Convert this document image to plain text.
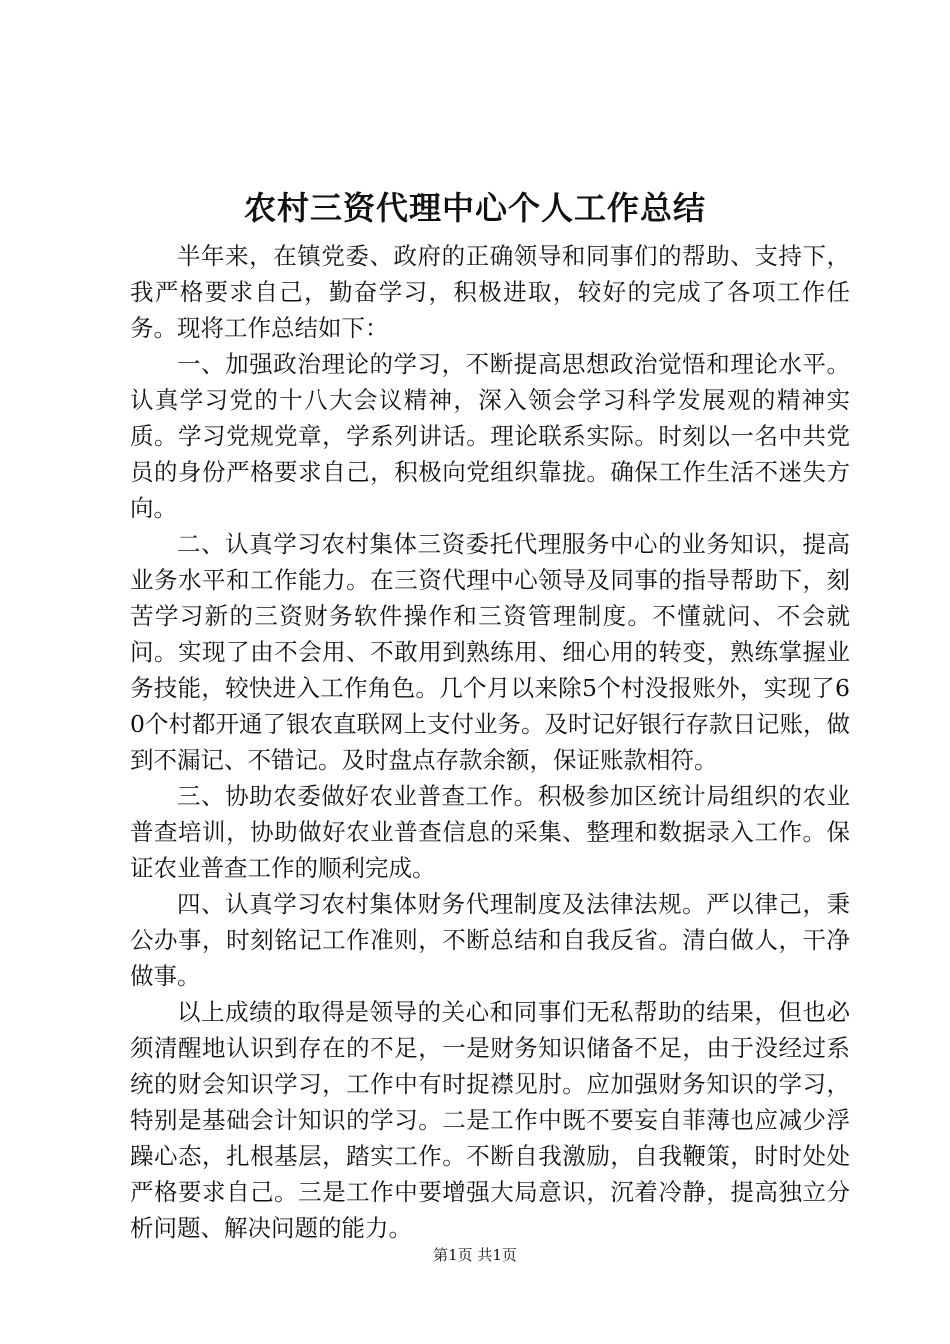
农村三资代理中心个人工作总结

半年来，在镇党委、政府的正确领导和同事们的帮助、支持下，我严格要求自己，勤奋学习，积极进取，较好的完成了各项工作任务。现将工作总结如下：

一、加强政治理论的学习，不断提高思想政治觉悟和理论水平。认真学习党的十八大会议精神，深入领会学习科学发展观的精神实质。学习党规党章，学系列讲话。理论联系实际。时刻以一名中共党员的身份严格要求自己，积极向党组织靠拢。确保工作生活不迷失方向。

二、认真学习农村集体三资委托代理服务中心的业务知识，提高业务水平和工作能力。在三资代理中心领导及同事的指导帮助下，刻苦学习新的三资财务软件操作和三资管理制度。不懂就问、不会就问。实现了由不会用、不敢用到熟练用、细心用的转变，熟练掌握业务技能，较快进入工作角色。几个月以来除5个村没报账外，实现了60个村都开通了银农直联网上支付业务。及时记好银行存款日记账，做到不漏记、不错记。及时盘点存款余额，保证账款相符。

三、协助农委做好农业普查工作。积极参加区统计局组织的农业普查培训，协助做好农业普查信息的采集、整理和数据录入工作。保证农业普查工作的顺利完成。

四、认真学习农村集体财务代理制度及法律法规。严以律己，秉公办事，时刻铭记工作准则，不断总结和自我反省。清白做人，干净做事。

以上成绩的取得是领导的关心和同事们无私帮助的结果，但也必须清醒地认识到存在的不足，一是财务知识储备不足，由于没经过系统的财会知识学习，工作中有时捉襟见肘。应加强财务知识的学习，特别是基础会计知识的学习。二是工作中既不要妄自菲薄也应减少浮躁心态，扎根基层，踏实工作。不断自我激励，自我鞭策，时时处处严格要求自己。三是工作中要增强大局意识，沉着冷静，提高独立分析问题、解决问题的能力。

第1页 共1页
